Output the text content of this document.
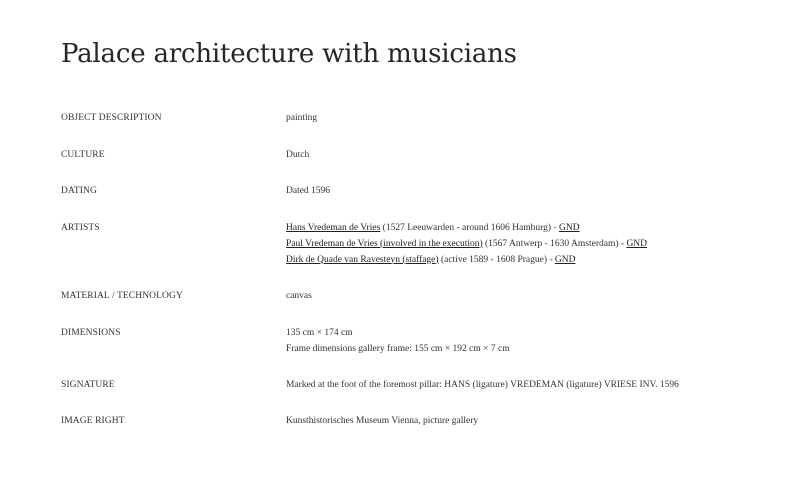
Palace architecture with musicians
OBJECT DESCRIPTION	painting
CULTURE	Dutch
DATING	Dated 1596
ARTISTS	Hans Vredeman de Vries (1527 Leeuwarden - around 1606 Hamburg) - GND
Paul Vredeman de Vries (involved in the execution) (1567 Antwerp - 1630 Amsterdam) - GND
Dirk de Quade van Ravesteyn (staffage) (active 1589 - 1608 Prague) - GND
MATERIAL / TECHNOLOGY	canvas
DIMENSIONS	135 cm × 174 cm
Frame dimensions gallery frame: 155 cm × 192 cm × 7 cm
SIGNATURE	Marked at the foot of the foremost pillar: HANS (ligature) VREDEMAN (ligature) VRIESE INV. 1596
IMAGE RIGHT	Kunsthistorisches Museum Vienna, picture gallery
